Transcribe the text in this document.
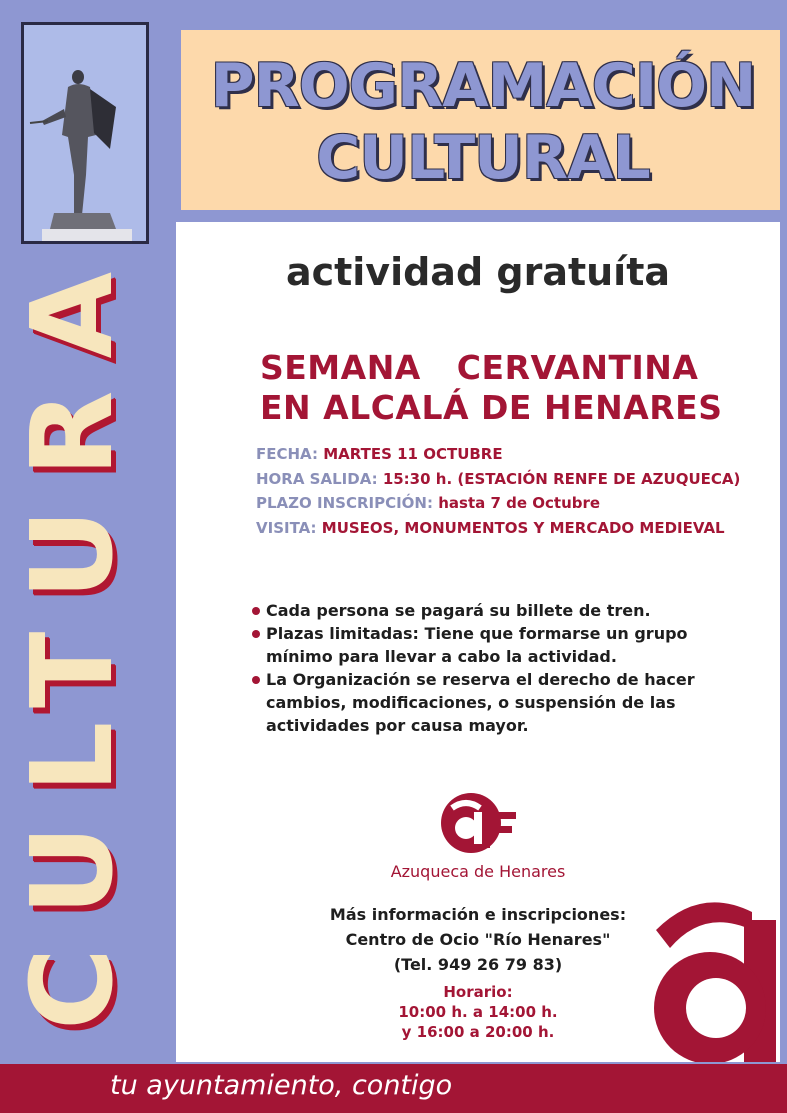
CULTURA
PROGRAMACIÓN
CULTURAL
actividad gratuíta
SEMANA   CERVANTINA
EN ALCALÁ DE HENARES
FECHA: MARTES 11 OCTUBRE
HORA SALIDA: 15:30 h. (ESTACIÓN RENFE DE AZUQUECA)
PLAZO INSCRIPCIÓN: hasta 7 de Octubre
VISITA: MUSEOS, MONUMENTOS Y MERCADO MEDIEVAL
Cada persona se pagará su billete de tren.
Plazas limitadas: Tiene que formarse un grupo mínimo para llevar a cabo la actividad.
La Organización se reserva el derecho de hacer cambios, modificaciones, o suspensión de las actividades por causa mayor.
Azuqueca de Henares
Más información e inscripciones:
Centro de Ocio "Río Henares"
(Tel. 949 26 79 83)
Horario:
10:00 h. a 14:00 h.
y 16:00 a 20:00 h.
tu ayuntamiento, contigo
